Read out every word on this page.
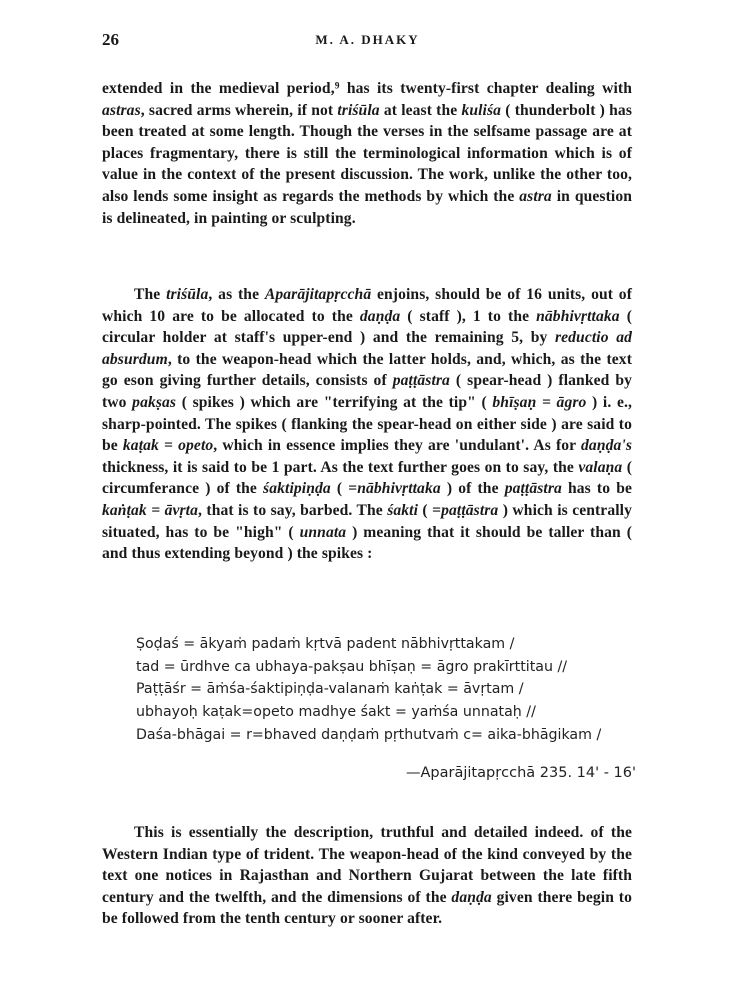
26	M. A. DHAKY

extended in the medieval period,⁹ has its twenty-first chapter dealing with astras, sacred arms wherein, if not triśūla at least the kuliśa ( thunderbolt ) has been treated at some length. Though the verses in the selfsame passage are at places fragmentary, there is still the terminological information which is of value in the context of the present discussion. The work, unlike the other too, also lends some insight as regards the methods by which the astra in question is delineated, in painting or sculpting.

The triśūla, as the Aparājitapṛcchā enjoins, should be of 16 units, out of which 10 are to be allocated to the daṇḍa ( staff ), 1 to the nābhivṛttaka ( circular holder at staff's upper-end ) and the remaining 5, by reductio ad absurdum, to the weapon-head which the latter holds, and, which, as the text go eson giving further details, consists of paṭṭāstra ( spear-head ) flanked by two pakṣas ( spikes ) which are "terrifying at the tip" ( bhīṣaṇ = āgro ) i. e., sharp-pointed. The spikes ( flanking the spear-head on either side ) are said to be kaṭak = opeto, which in essence implies they are 'undulant'. As for daṇḍa's thickness, it is said to be 1 part. As the text further goes on to say, the valaṇa ( circumferance ) of the śaktipiṇḍa ( =nābhivṛttaka ) of the paṭṭāstra has to be kaṅṭɑk = āvṛta, that is to say, barbed. The śakti ( =paṭṭāstra ) which is centrally situated, has to be "high" ( unnata ) meaning that it should be taller than ( and thus extending beyond ) the spikes :

Ṣoḍaś = ākyaṁ padaṁ kṛtvā padent nābhivṛttakam /
tad = ūrdhve ca ubhaya-pakṣau bhīṣaṇ = āgro prakīrttitau //
Paṭṭāśr = āṁśa-śaktipiṇḍa-valanaṁ kaṅṭak = āvṛtam /
ubhayoḥ kaṭak=opeto madhye śakt = yaṁśa unnataḥ //
Daśa-bhāgai = r=bhaved daṇḍaṁ pṛthutvaṁ c= aika-bhāgikam /
—Aparājitapṛcchā 235. 14' - 16'

This is essentially the description, truthful and detailed indeed. of the Western Indian type of trident. The weapon-head of the kind conveyed by the text one notices in Rajasthan and Northern Gujarat between the late fifth century and the twelfth, and the dimensions of the daṇḍa given there begin to be followed from the tenth century or sooner after.
